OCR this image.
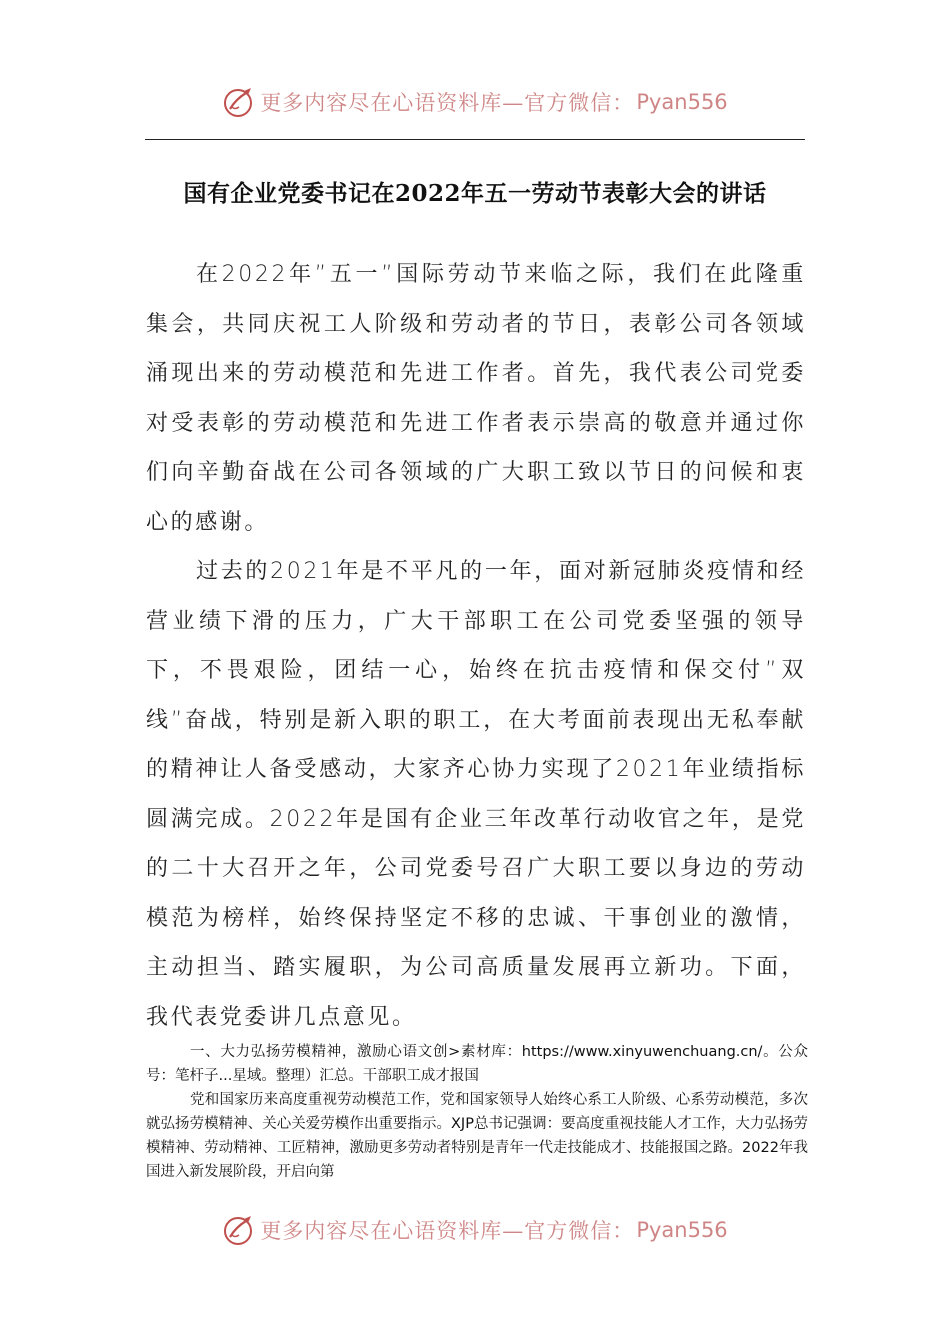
更多内容尽在心语资料库—官方微信： Pyan556
国有企业党委书记在2022年五一劳动节表彰大会的讲话

在2022年”五一”国际劳动节来临之际，我们在此隆重集会，共同庆祝工人阶级和劳动者的节日，表彰公司各领域涌现出来的劳动模范和先进工作者。首先，我代表公司党委对受表彰的劳动模范和先进工作者表示崇高的敬意并通过你们向辛勤奋战在公司各领域的广大职工致以节日的问候和衷心的感谢。

过去的2021年是不平凡的一年，面对新冠肺炎疫情和经营业绩下滑的压力，广大干部职工在公司党委坚强的领导下，不畏艰险，团结一心，始终在抗击疫情和保交付”双线”奋战，特别是新入职的职工，在大考面前表现出无私奉献的精神让人备受感动，大家齐心协力实现了2021年业绩指标圆满完成。2022年是国有企业三年改革行动收官之年，是党的二十大召开之年，公司党委号召广大职工要以身边的劳动模范为榜样，始终保持坚定不移的忠诚、干事创业的激情，主动担当、踏实履职，为公司高质量发展再立新功。下面，我代表党委讲几点意见。

一、大力弘扬劳模精神，激励心语文创>素材库：https://www.xinyuwenchuang.cn/。公众号：笔杆子...星域。整理）汇总。干部职工成才报国

党和国家历来高度重视劳动模范工作，党和国家领导人始终心系工人阶级、心系劳动模范，多次就弘扬劳模精神、关心关爱劳模作出重要指示。XJP总书记强调：要高度重视技能人才工作，大力弘扬劳模精神、劳动精神、工匠精神，激励更多劳动者特别是青年一代走技能成才、技能报国之路。2022年我国进入新发展阶段，开启向第

更多内容尽在心语资料库—官方微信： Pyan556
